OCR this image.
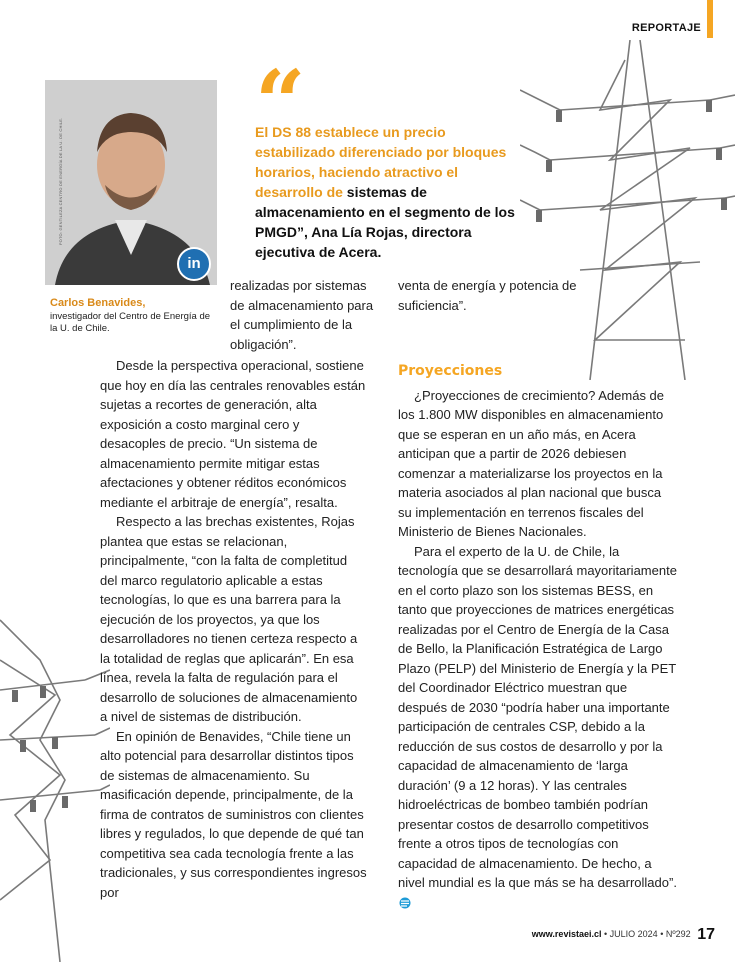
REPORTAJE
FOTO: GENTILEZA CENTRO DE ENERGÍA DE LA U. DE CHILE.
in
Carlos Benavides,
investigador del Centro de Energía de la U. de Chile.
“
El DS 88 establece un precio estabilizado diferenciado por bloques horarios, haciendo atractivo el desarrollo de sistemas de almacenamiento en el segmento de los PMGD”, Ana Lía Rojas, directora ejecutiva de Acera.

realizadas por sistemas de almacenamiento para el cumplimiento de la obligación”.

Desde la perspectiva operacional, sostiene que hoy en día las centrales renovables están sujetas a recortes de generación, alta exposición a costo marginal cero y desacoples de precio. “Un sistema de almacenamiento permite mitigar estas afectaciones y obtener réditos económicos mediante el arbitraje de energía”, resalta.

Respecto a las brechas existentes, Rojas plantea que estas se relacionan, principalmente, “con la falta de completitud del marco regulatorio aplicable a estas tecnologías, lo que es una barrera para la ejecución de los proyectos, ya que los desarrolladores no tienen certeza respecto a la totalidad de reglas que aplicarán”. En esa línea, revela la falta de regulación para el desarrollo de soluciones de almacenamiento a nivel de sistemas de distribución.

En opinión de Benavides, “Chile tiene un alto potencial para desarrollar distintos tipos de sistemas de almacenamiento. Su masificación depende, principalmente, de la firma de contratos de suministros con clientes libres y regulados, lo que depende de qué tan competitiva sea cada tecnología frente a las tradicionales, y sus correspondientes ingresos por

venta de energía y potencia de suficiencia”.

Proyecciones

¿Proyecciones de crecimiento? Además de los 1.800 MW disponibles en almacenamiento que se esperan en un año más, en Acera anticipan que a partir de 2026 debiesen comenzar a materializarse los proyectos en la materia asociados al plan nacional que busca su implementación en terrenos fiscales del Ministerio de Bienes Nacionales.

Para el experto de la U. de Chile, la tecnología que se desarrollará mayoritariamente en el corto plazo son los sistemas BESS, en tanto que proyecciones de matrices energéticas realizadas por el Centro de Energía de la Casa de Bello, la Planificación Estratégica de Largo Plazo (PELP) del Ministerio de Energía y la PET del Coordinador Eléctrico muestran que después de 2030 “podría haber una importante participación de centrales CSP, debido a la reducción de sus costos de desarrollo y por la capacidad de almacenamiento de ‘larga duración’ (9 a 12 horas). Y las centrales hidroeléctricas de bombeo también podrían presentar costos de desarrollo competitivos frente a otros tipos de tecnologías con capacidad de almacenamiento. De hecho, a nivel mundial es la que más se ha desarrollado”.

www.revistaei.cl • JULIO 2024 • Nº292 17
